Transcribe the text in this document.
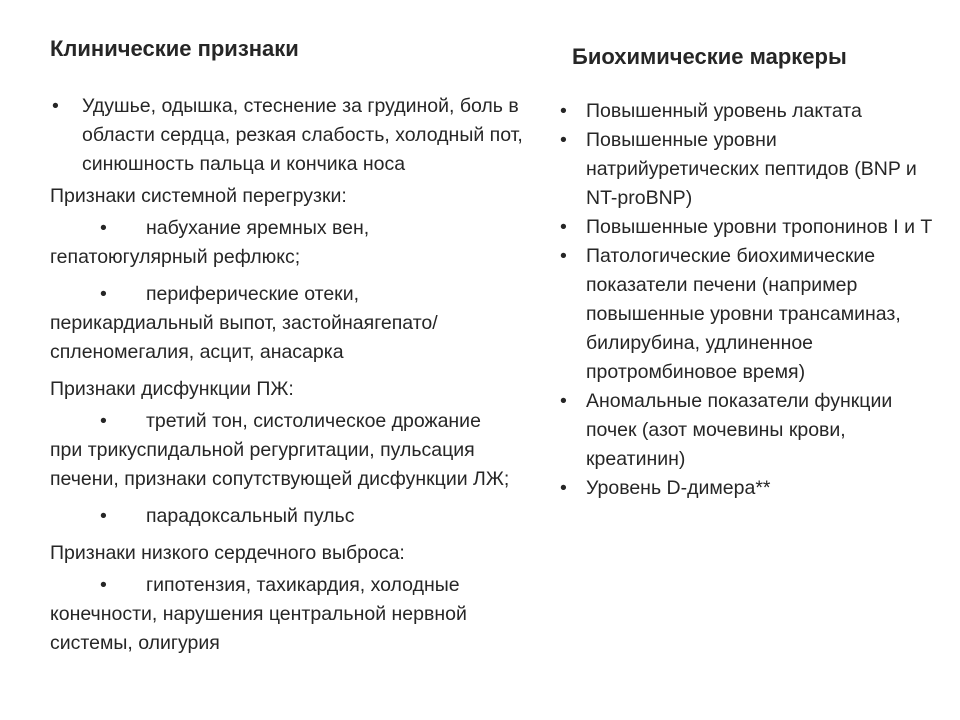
Клинические признаки
• Удушье, одышка, стеснение за грудиной, боль в области сердца, резкая слабость, холодный пот, синюшность пальца и кончика носа
Признаки системной перегрузки:
• набухание яремных вен,
гепатоюгулярный рефлюкс;
• периферические отеки,
перикардиальный выпот, застойнаягепато/спленомегалия, асцит, анасарка
Признаки дисфункции ПЖ:
• третий тон, систолическое дрожание
при трикуспидальной регургитации, пульсация печени, признаки сопутствующей дисфункции ЛЖ;
• парадоксальный пульс
Признаки низкого сердечного выброса:
• гипотензия, тахикардия, холодные
конечности, нарушения центральной нервной системы, олигурия
Биохимические маркеры
• Повышенный уровень лактата
• Повышенные уровни натрийуретических пептидов (BNP и NT-proBNP)
• Повышенные уровни тропонинов I и T
• Патологические биохимические показатели печени (например повышенные уровни трансаминаз, билирубина, удлиненное протромбиновое время)
• Аномальные показатели функции почек (азот мочевины крови, креатинин)
• Уровень D-димера**
